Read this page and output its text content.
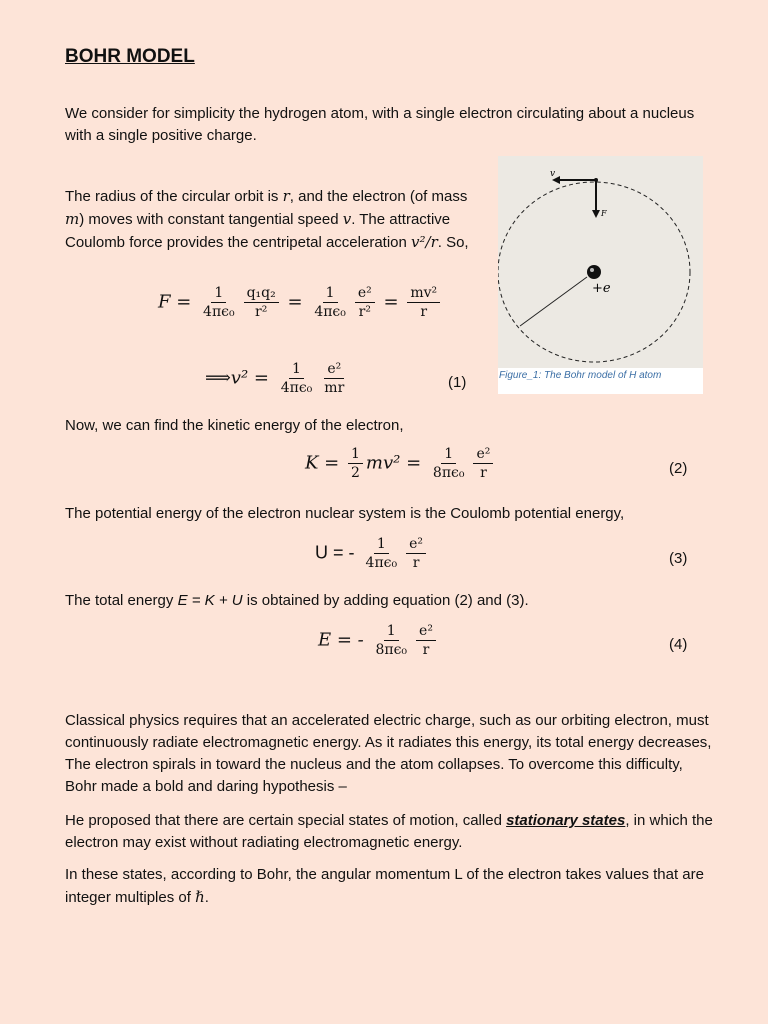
BOHR MODEL

We consider for simplicity the hydrogen atom, with a single electron circulating about a nucleus with a single positive charge.

The radius of the circular orbit is r, and the electron (of mass m) moves with constant tangential speed v. The attractive Coulomb force provides the centripetal acceleration v²/r. So,

$F = \frac{1}{\text{4πϵ₀}} \frac{\text{q₁q₂}}{\text{r²}} = \frac{1}{\text{4πϵ₀}} \frac{\text{e²}}{\text{r²}} = \frac{\text{mv²}}{r}$
⟹v² = $\frac{1}{\text{4πϵ₀}} \frac{\text{e²}}{mr}$	(1)
v
F
+e
Figure_1: The Bohr model of H atom

Now, we can find the kinetic energy of the electron,

$K = \frac{1}{2} mv^2 = \frac{1}{\text{8πϵ₀}} \frac{\text{e²}}{r}$	(2)

The potential energy of the electron nuclear system is the Coulomb potential energy,

U = - $\frac{1}{\text{4πϵ₀}} \frac{\text{e²}}{r}$	(3)

The total energy E = K + U is obtained by adding equation (2) and (3).

E = - $\frac{1}{\text{8πϵ₀}} \frac{\text{e²}}{r}$	(4)

Classical physics requires that an accelerated electric charge, such as our orbiting electron, must continuously radiate electromagnetic energy. As it radiates this energy, its total energy decreases, The electron spirals in toward the nucleus and the atom collapses. To overcome this difficulty, Bohr made a bold and daring hypothesis –

He proposed that there are certain special states of motion, called stationary states, in which the electron may exist without radiating electromagnetic energy.

In these states, according to Bohr, the angular momentum L of the electron takes values that are integer multiples of ℏ.
